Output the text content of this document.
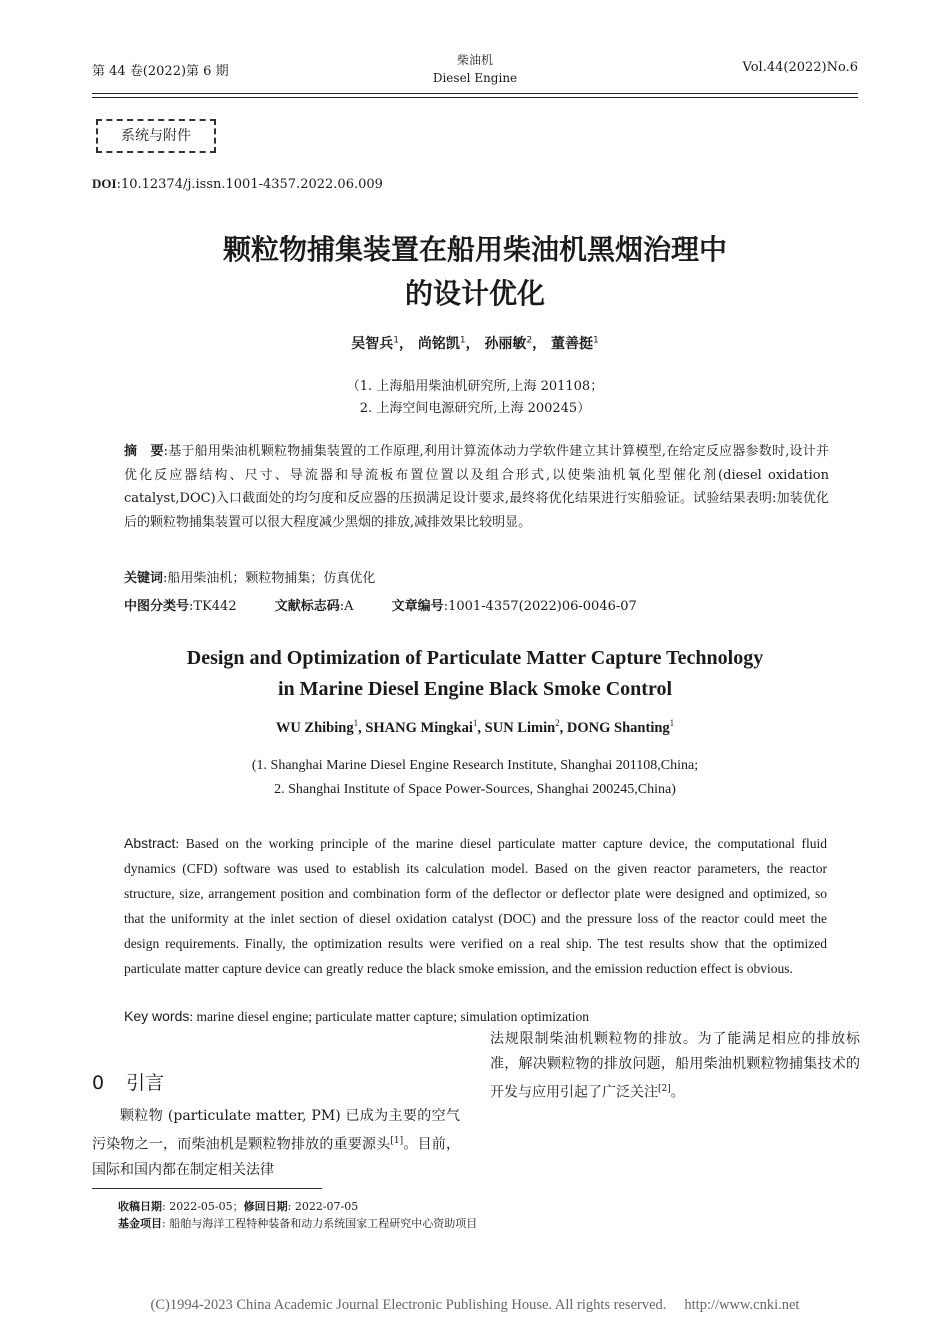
第 44 卷(2022)第 6 期
柴油机
Diesel Engine
Vol.44(2022)No.6
系统与附件
DOI:10.12374/j.issn.1001-4357.2022.06.009
颗粒物捕集装置在船用柴油机黑烟治理中
的设计优化
吴智兵$^1$， 尚铭凯$^1$， 孙丽敏$^2$， 董善挺$^1$
（1. 上海船用柴油机研究所,上海 201108；
2. 上海空间电源研究所,上海 200245）
摘　要:基于船用柴油机颗粒物捕集装置的工作原理,利用计算流体动力学软件建立其计算模型,在给定反应器参数时,设计并优化反应器结构、尺寸、导流器和导流板布置位置以及组合形式,以使柴油机氧化型催化剂(diesel oxidation catalyst,DOC)入口截面处的均匀度和反应器的压损满足设计要求,最终将优化结果进行实船验证。试验结果表明:加装优化后的颗粒物捕集装置可以很大程度减少黑烟的排放,减排效果比较明显。
关键词:船用柴油机；颗粒物捕集；仿真优化
中图分类号:TK442	文献标志码:A	文章编号:1001-4357(2022)06-0046-07
Design and Optimization of Particulate Matter Capture Technology
in Marine Diesel Engine Black Smoke Control
WU Zhibing$^1$, SHANG Mingkai$^1$, SUN Limin$^2$, DONG Shanting$^1$
(1. Shanghai Marine Diesel Engine Research Institute, Shanghai 201108,China;
2. Shanghai Institute of Space Power-Sources, Shanghai 200245,China)
Abstract: Based on the working principle of the marine diesel particulate matter capture device, the computational fluid dynamics (CFD) software was used to establish its calculation model. Based on the given reactor parameters, the reactor structure, size, arrangement position and combination form of the deflector or deflector plate were designed and optimized, so that the uniformity at the inlet section of diesel oxidation catalyst (DOC) and the pressure loss of the reactor could meet the design requirements. Finally, the optimization results were verified on a real ship. The test results show that the optimized particulate matter capture device can greatly reduce the black smoke emission, and the emission reduction effect is obvious.
Key words: marine diesel engine; particulate matter capture; simulation optimization
0 引言

颗粒物 (particulate matter, PM) 已成为主要的空气污染物之一，而柴油机是颗粒物排放的重要源头[1]。目前，国际和国内都在制定相关法律

法规限制柴油机颗粒物的排放。为了能满足相应的排放标准，解决颗粒物的排放问题，船用柴油机颗粒物捕集技术的开发与应用引起了广泛关注[2]。

收稿日期: 2022-05-05；修回日期: 2022-07-05
基金项目: 船舶与海洋工程特种装备和动力系统国家工程研究中心资助项目
(C)1994-2023 China Academic Journal Electronic Publishing House. All rights reserved. http://www.cnki.net
